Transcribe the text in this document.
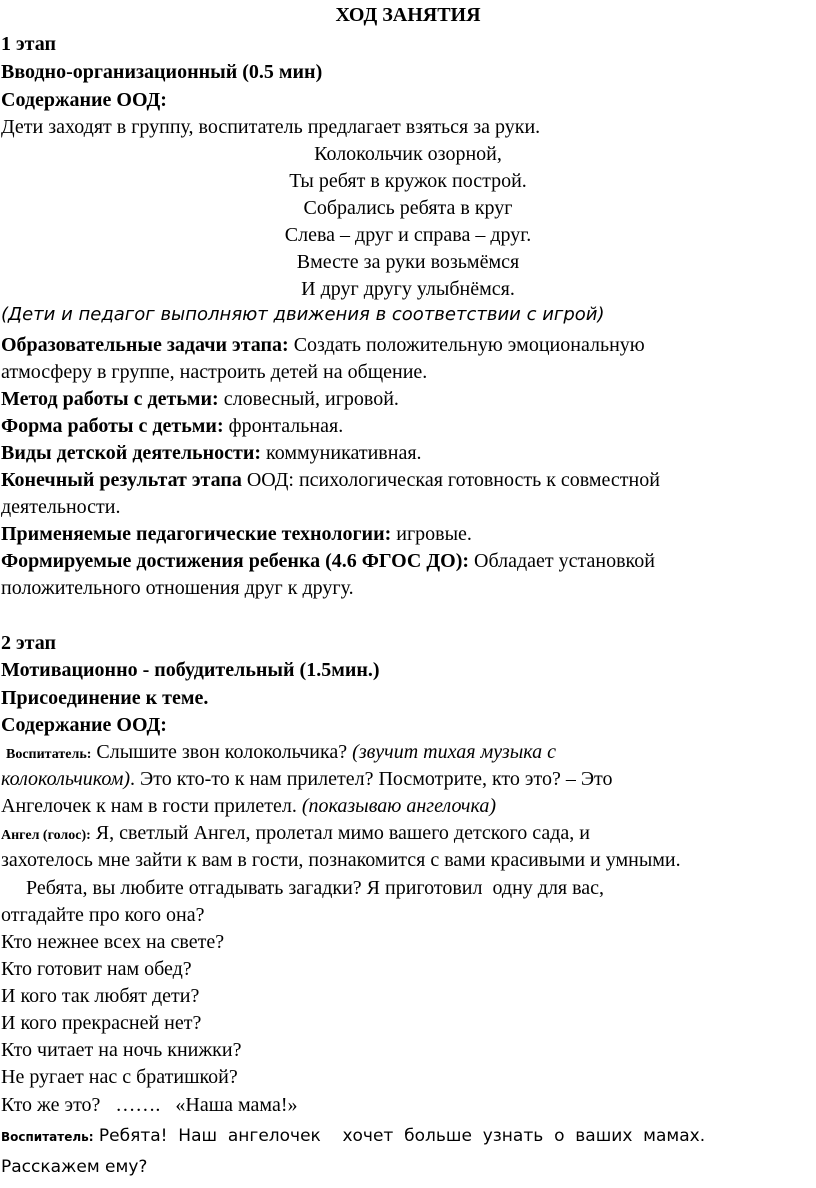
ХОД ЗАНЯТИЯ
1 этап
Вводно-организационный (0.5 мин)
Содержание ООД:
Дети заходят в группу, воспитатель предлагает взяться за руки.
Колокольчик озорной,
Ты ребят в кружок построй.
Собрались ребята в круг
Слева – друг и справа – друг.
Вместе за руки возьмёмся
И друг другу улыбнёмся.
(Дети и педагог выполняют движения в соответствии с игрой)
Образовательные задачи этапа: Создать положительную эмоциональную
атмосферу в группе, настроить детей на общение.
Метод работы с детьми: словесный, игровой.
Форма работы с детьми: фронтальная.
Виды детской деятельности: коммуникативная.
Конечный результат этапа ООД: психологическая готовность к совместной
деятельности.
Применяемые педагогические технологии: игровые.
Формируемые достижения ребенка (4.6 ФГОС ДО): Обладает установкой
положительного отношения друг к другу.
2 этап
Мотивационно - побудительный (1.5мин.)
Присоединение к теме.
Содержание ООД:
Воспитатель: Слышите звон колокольчика? (звучит тихая музыка с
колокольчиком). Это кто-то к нам прилетел? Посмотрите, кто это? – Это
Ангелочек к нам в гости прилетел. (показываю ангелочка)
Ангел (голос): Я, светлый Ангел, пролетал мимо вашего детского сада, и
захотелось мне зайти к вам в гости, познакомится с вами красивыми и умными.
Ребята, вы любите отгадывать загадки? Я приготовил  одну для вас,
отгадайте про кого она?
Кто нежнее всех на свете?
Кто готовит нам обед?
И кого так любят дети?
И кого прекрасней нет?
Кто читает на ночь книжки?
Не ругает нас с братишкой?
Кто же это?   …….   «Наша мама!»
Воспитатель: Ребята!  Наш  ангелочек    хочет  больше  узнать  о  ваших  мамах.
Расскажем ему?
